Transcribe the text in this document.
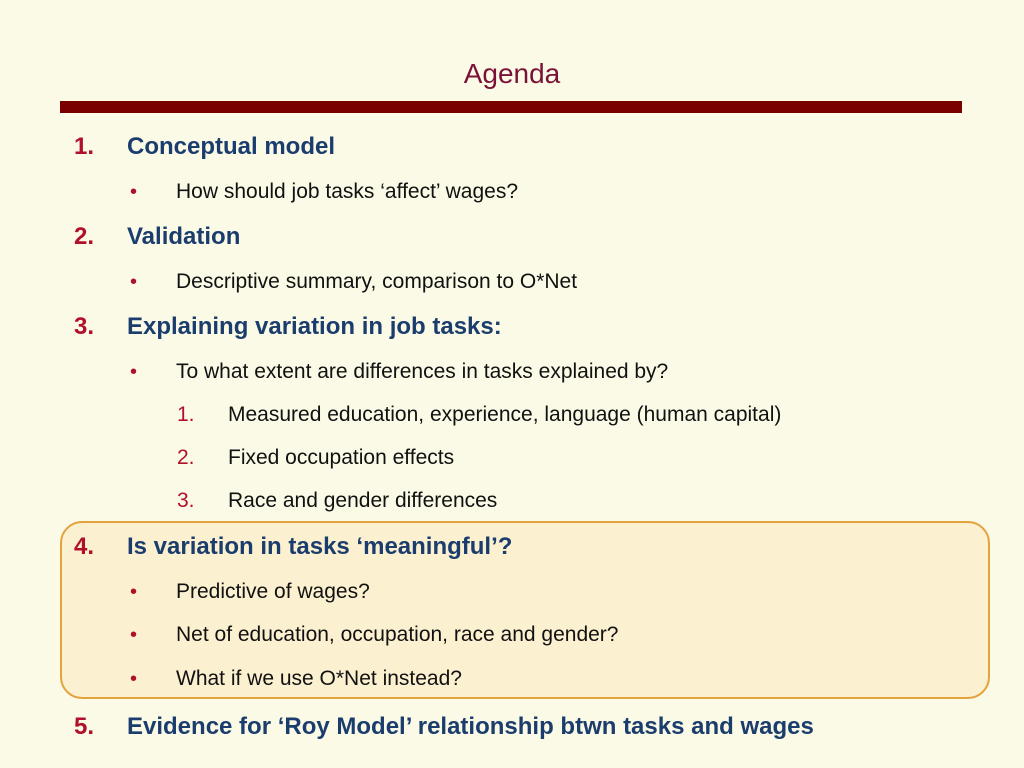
Agenda
1.	Conceptual model
• How should job tasks ‘affect’ wages?
2.	Validation
• Descriptive summary, comparison to O*Net
3.	Explaining variation in job tasks:
• To what extent are differences in tasks explained by?
1. Measured education, experience, language (human capital)
2. Fixed occupation effects
3. Race and gender differences
4.	Is variation in tasks ‘meaningful’?
• Predictive of wages?
• Net of education, occupation, race and gender?
• What if we use O*Net instead?
5.	Evidence for ‘Roy Model’ relationship btwn tasks and wages
